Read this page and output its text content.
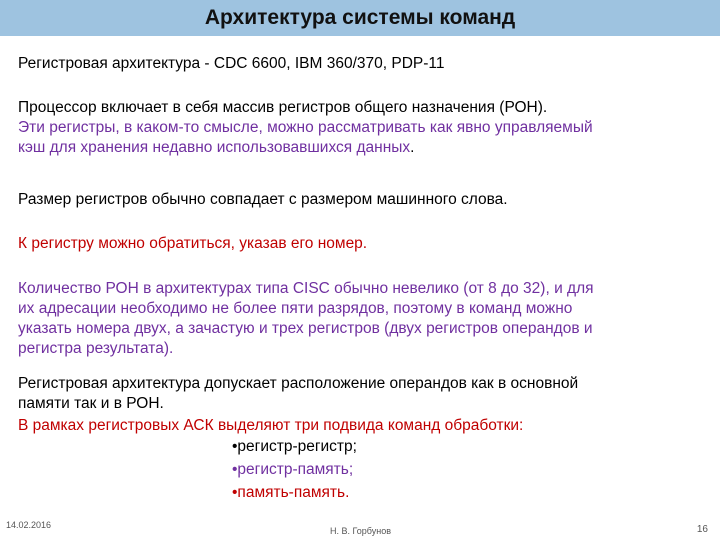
Архитектура системы команд
Регистровая архитектура - CDC 6600, IBM 360/370, PDP-11
Процессор включает в себя массив регистров общего назначения (РОН).
Эти регистры, в каком-то смысле, можно рассматривать как явно управляемый
кэш для хранения недавно использовавшихся данных.
Размер регистров обычно совпадает с размером машинного слова.
К регистру можно обратиться, указав его номер.
Количество РОН в архитектурах типа CISC обычно невелико (от 8 до 32), и для
их адресации необходимо не более пяти разрядов, поэтому в команд можно
указать номера двух, а зачастую и трех регистров (двух регистров операндов и
регистра результата).
Регистровая архитектура допускает расположение операндов как в основной
памяти так и в РОН.
В рамках регистровых АСК выделяют три подвида команд обработки:
•регистр-регистр;
•регистр-память;
•память-память.
14.02.2016
Н. В. Горбунов	16
